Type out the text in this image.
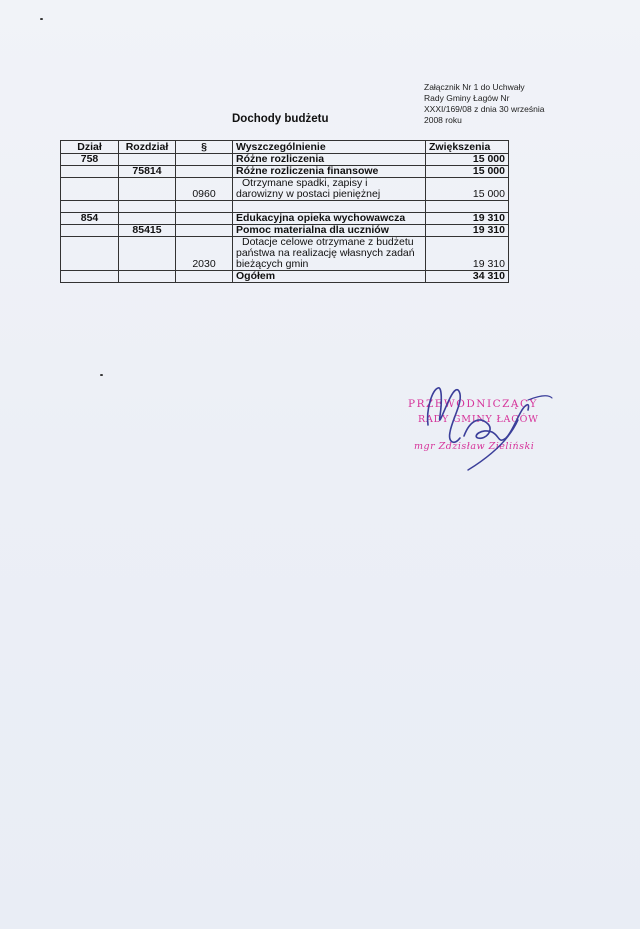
Załącznik Nr 1 do Uchwały
Rady Gminy Łagów Nr
XXXI/169/08 z dnia 30 września
2008 roku
Dochody budżetu
Dział	Rozdział	§	Wyszczególnienie	Zwiększenia
758			Różne rozliczenia	15 000
	75814		Różne rozliczenia finansowe	15 000
		0960	Otrzymane spadki, zapisy i
darowizny w postaci pieniężnej	15 000

854			Edukacyjna opieka wychowawcza	19 310
	85415		Pomoc materialna dla uczniów	19 310
		2030	Dotacje celowe otrzymane z budżetu
państwa na realizację własnych zadań
bieżących gmin	19 310
			Ogółem	34 310
PRZEWODNICZĄCY
RADY GMINY ŁAGÓW
mgr Zdzisław Zieliński
